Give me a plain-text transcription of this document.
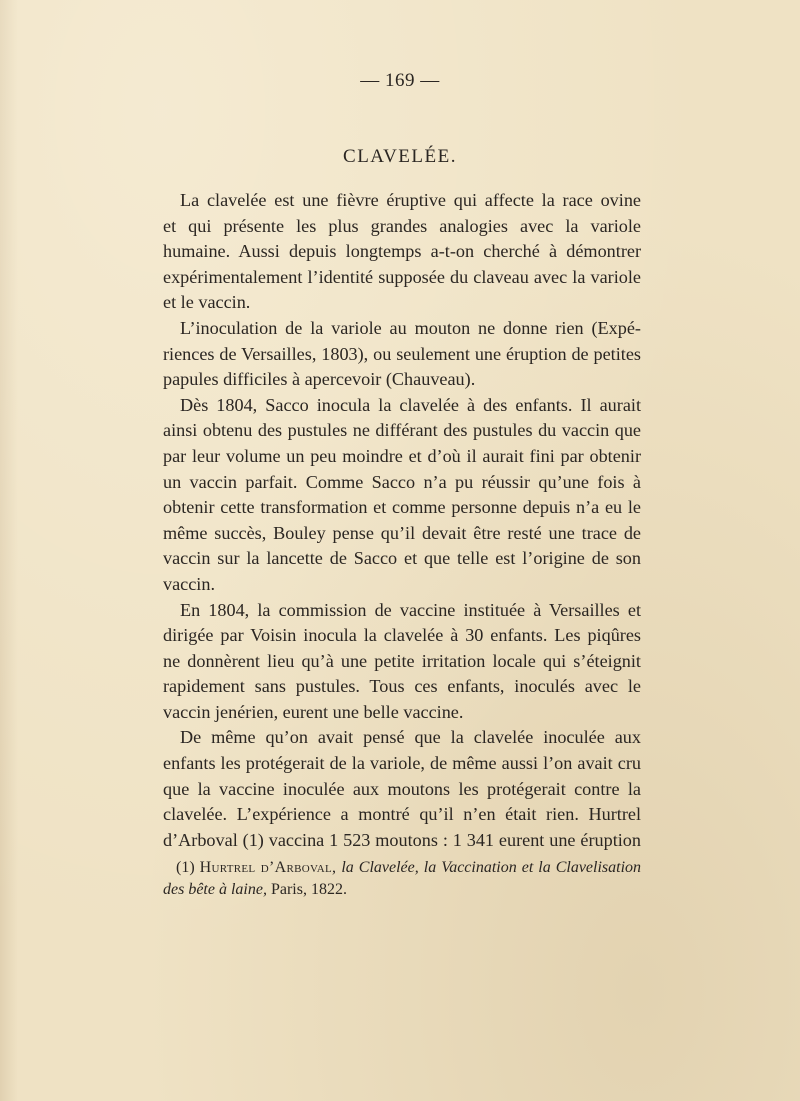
— 169 —
CLAVELÉE.
La clavelée est une fièvre éruptive qui affecte la race ovine
et qui présente les plus grandes analogies avec la variole
humaine. Aussi depuis longtemps a-t-on cherché à démontrer
expérimentalement l’identité supposée du claveau avec la variole
et le vaccin.
L’inoculation de la variole au mouton ne donne rien (Expé-
riences de Versailles, 1803), ou seulement une éruption de petites
papules difficiles à apercevoir (Chauveau).
Dès 1804, Sacco inocula la clavelée à des enfants. Il aurait
ainsi obtenu des pustules ne différant des pustules du vaccin que
par leur volume un peu moindre et d’où il aurait fini par obtenir
un vaccin parfait. Comme Sacco n’a pu réussir qu’une fois à
obtenir cette transformation et comme personne depuis n’a eu le
même succès, Bouley pense qu’il devait être resté une trace de
vaccin sur la lancette de Sacco et que telle est l’origine de son
vaccin.
En 1804, la commission de vaccine instituée à Versailles et
dirigée par Voisin inocula la clavelée à 30 enfants. Les piqûres
ne donnèrent lieu qu’à une petite irritation locale qui s’éteignit
rapidement sans pustules. Tous ces enfants, inoculés avec le
vaccin jenérien, eurent une belle vaccine.
De même qu’on avait pensé que la clavelée inoculée aux
enfants les protégerait de la variole, de même aussi l’on avait cru
que la vaccine inoculée aux moutons les protégerait contre la
clavelée. L’expérience a montré qu’il n’en était rien. Hurtrel
d’Arboval (1) vaccina 1 523 moutons : 1 341 eurent une éruption
(1) Hurtrel d’Arboval, la Clavelée, la Vaccination et la Clavelisation
des bête à laine, Paris, 1822.
